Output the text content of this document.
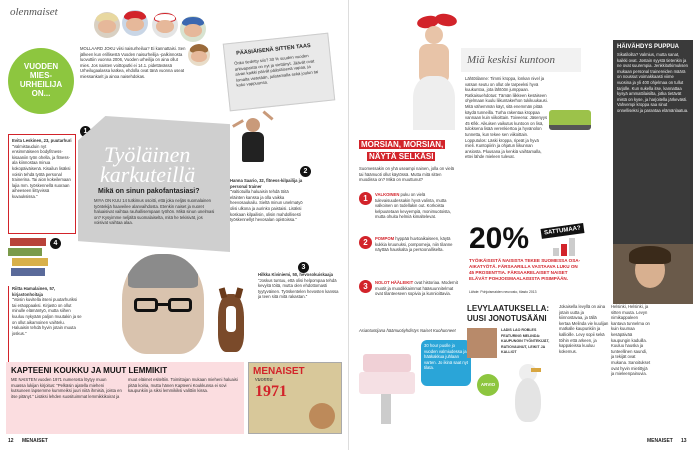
olenmaiset
VUODEN
MIES-
URHEILIJA
ON...
MOLLAARD JOKU viisi naisurheilua? Ei kannattaisi. Sen jälkeen kun erillisestä Vuoden naisurheilija -palkinnosta luovuttiin vuonna 2006, Vuoden urheilija on aina ollut mies. Jos naisten voittoputki ei 14.1. pidettävässä Urheilugaalassa katkea, ehdolla ovat tänä vuonna useat miessankarit ja ainoa naisehdokas.
PÄÄSIÄISENÄ SITTEN TAAS
Onko tiedetty siis? 30 % suuden vuoden arkivapaista on nyt ja viettänyt. Jäävät ovat aivan kaikki päivät pääsiäisenä vapaa, ja lomalta vietetään, julistamalla sekä joulun tai koko vappuunsa.
1
Evita Leskinen, 23, puutarhuri
"Valmistauduin nyt ensimmäiseen bodyfitness-kisaaniin työn ohella, ja fitness-ala kiinnostaa minua kokopäiväisenä. Kisailun lisäksi voisin tehdä työtä personal trainerina. Tai aion kokeilemaan lajia mm. työskennellä suoraan aiheeseen liittyvissä kuvauksissa."
Työläinen
karkuteillä
Mikä on sinun pakofantasiasi?
MIYA ON KUU 14 tutkimus osoitti, että joka neljäs suomalainen työntekijä haaveilee alanvaihdosta. Etenkin naiset ja nuoret haluaisivat vaihtaa rauhallisempaan työhön. Mikä sinun unelmasi on? Kysyimme neljältä suomalaiselta, mitä he tekisivät, jos voisivat vaihtaa alaa.
2
Hanna Saario, 32, fitness-kilpailija ja personal trainer
"Valtiotuilla haluaisin tehdä töitä eläinten kanssa ja olla vaikka heevosaukailu. Sieltä minun unelmatyö olisi ulkona ja aurinko paistaisi. Lisäksi koskaan kilpailisin, olisin mahdollisesti työskennellyt hevosalan opistoissa."
4
Riitta Hamalainen, 57, kirjastonhoitaja
"Voisin kuvitella itseni puutarhuriksi tai eräoppaaksi. Kirjasto on ollut minulle elämäntyö, mutta siihen kuuluu nykyään paljon muutakin ja se on ollut aikamoinen vaihtelu. Haluaisin tehdä hyvin jotain muuta joskus."
3
Hilkka Kiviniemi, 50, hevosokuiskaaja
"Joskus tuntuu, että olisi helpompaa tehdä kevyitä töitä, mutta olen ehdottomasti tyytyväinen. Työskentelen hevosten kanssa ja teen sitä mitä rakastan."
KAPTEENI KOUKKU JA MUUT LEMMIKIT
ME NAISTEN vuoden 1971 numerosta löytyy muun muassa lukijan kirjoitus: "Pelkäsin ajatella mieheni kutsuneen lapsemme kummeiksi juuri niitä ihmisiä, joista en itse pitänyt." Lisäksi lehden suosituimmat lemmikkikoirat ja muut eläimet esiteltiin. Toimittajan mukaan mieheni haluaisi pitää koiria, mutta hänen Kapteeni Koukkunsa ei sovi kaupunkiin ja siksi lemmikiksi valittiin kissa.
MENAISET
vuonna
1971
12 MENAISET
Miä keskisi kuntoon
Lähtötilanne: Timmi kroppa, lonkan nivel ja vatsan seutu on ollut ole tarpeeksi hyvä kuukuntoa, jota lähtöön jumppaan. Ratkaisuehdotus: Tämän liikkeen kesäiseen ohjelmaan kuulu liikuntakerhon tukikuukausi. Mitä vähemmän käyt, sitä enemmän pitää käydä tunneilla. Turha rakentaa kroppaa vannaan kuin viikoittain. Toiveena: Jäsenyys 45 €/kk. Aikuisen vaikutus kuntoon on lisä, tuloksena lisää verenkiertoa ja hyvänolon tunnetta, kun tekee sen viikoittain. Lopputulos: Läski kroppa, ripeät ja hyvä mieli. Kuntopiirin ja ohjatun liikunnan ansiosta. Pluusana ja kenkiä vaihtamalla, ettei lähde mieleen tulevat.
MORSIAN, MORSIAN,
NÄYTÄ SELKÄSI
Suomessakin on yhä useampi nainen, jolla on vielä tai häämuoti ollut käytössä. Mutta mitä sitten muodissa on? Mikä on muuttunut?
1	VALKOINEN puku on vielä tulevaisuudessakin hyvä valinta, mutta valkoinen on todellakin out. Korkoista kelpuutetaan kevyempiä, monimuotoista, mutta ohuita helmiä kimaltelevat.
2	POMPOM hyppää huvtoaikaiseen, käytä kukkia kruunuksi, pompomeja, niin tilanne näyttää hauskalta ja persoonalliselta.
3	NOLOT HÄÄLEIKIT ovat historiaa. Modernit muotit ja muodikkaimmat hääsuunnitelmat ovat tilanteeseen sopivia ja kunnioittavia.
Asiantuntijana häämuotiyhdistys Naiset Kuohunneet
30 hour puolle jo vuoden valmiudessa ja hääkakkua juhlaan varten. Jo ikinä saat nyt tilata.
SATTUMAA?
20%
TYÖIKÄISISTÄ NAISISTA TEKEE SUOMESSA OSA-AIKATYÖTÄ. FÄRSAARILLA VASTAAVA LUKU ON 45 PROSENTTIA. FÄRSAARELAISET NAISET ELÄVÄT POHJOISMAALAISISTA PISIMPÄÄN.
Lähde: Pohjoismaiden neuvosto, tilasto 2013
LEVYLAATUKSELLA:
UUSI JONOTUSÄÄNI
LADIS LAO ROBLES FEATURING MELINDA: KAUPUNGIN TYÖNTEKIJÄT, RATIOVAUNUT, LEIKIT JA KALLIOT
Jokaisella levyllä on aina jotain uutta ja kiinnostavaa, ja tällä kertaa Melinda vie kuulijan matkalle kaupunkiin ja kallioille. Levy sopii sekä töihin että arkeen, ja kappaleissa kuuluu kokemus.
Helsinki, Helsinki, ja sitten muuta. Levyn nimikappaleen kantava tunnelma on kuin kuumaa kesäpäivää kaupungin kaduilla. Kuuluu hauska ja tunteellinen saundi, ja tekijät ovat mukana. Sanoitukset ovat hyvin mietittyjä ja mieleenpainuvia.
ARVIO
HÄIVÄHDYS PUPPUA
Sikatiloilta? Valmius, mutta sanat, kaikki ovat. Jostain syystä tietenkin ja ne ovat suurempia. Jenkkitutkimuksen mukaan personal trainereiden määrä on noussut voimakkaasti viime vuosina ja yli 400 ohjelmaa on tullut tarjolle. Kun sukella itse, kannattaa kysyä ammattilaisilta, jotka tietävät mistä on kyse, ja harjoitella järkevästi. Vahvempi kroppa saa sinut onnelliseksi ja parantaa elämänlaatua.
MENAISET 13
